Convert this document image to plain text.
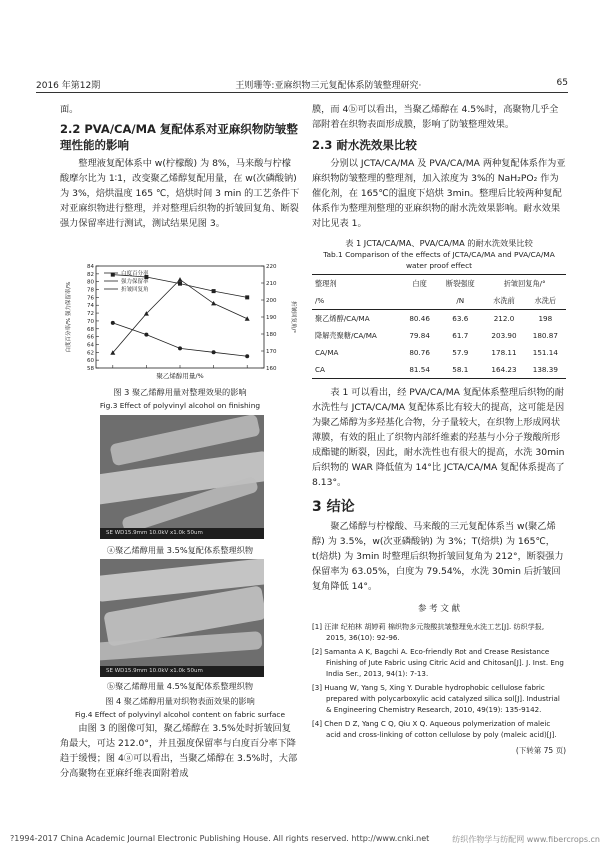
2016 年第12期	王则珊等:亚麻织物三元复配体系防皱整理研究·	65
面。
2.2 PVA/CA/MA 复配体系对亚麻织物防皱整理性能的影响

整理液复配体系中 w(柠檬酸) 为 8%，马来酸与柠檬酸摩尔比为 1∶1，改变聚乙烯醇复配用量，在 w(次磷酸钠) 为 3%，焙烘温度 165 ℃，焙烘时间 3 min 的工艺条件下对亚麻织物进行整理，并对整理后织物的折皱回复角、断裂强力保留率进行测试，测试结果见图 3。

58
60
62
64
66
68
70
72
74
76
78
80
82
84
160
170
180
190
200
210
220
聚乙烯醇用量/%
白度百分率/% 强力保留率/%	折皱回复角/°
白度百分率
强力保留率
折皱回复角
图 3 聚乙烯醇用量对整理效果的影响
Fig.3 Effect of polyvinyl alcohol on finishing
SE WD15.9mm 10.0kV x1.0k 50um
ⓐ聚乙烯醇用量 3.5%复配体系整理织物
SE WD15.9mm 10.0kV x1.0k 50um
ⓑ聚乙烯醇用量 4.5%复配体系整理织物
图 4 聚乙烯醇用量对织物表面效果的影响
Fig.4 Effect of polyvinyl alcohol content on fabric surface

由图 3 的图像可知，聚乙烯醇在 3.5%处时折皱回复角最大，可达 212.0°，并且强度保留率与白度百分率下降趋于缓慢；图 4ⓐ可以看出，当聚乙烯醇在 3.5%时，大部分高聚物在亚麻纤维表面附着成

膜，而 4ⓑ可以看出，当聚乙烯醇在 4.5%时，高聚物几乎全部附着在织物表面形成膜，影响了防皱整理效果。
2.3 耐水洗效果比较

分别以 JCTA/CA/MA 及 PVA/CA/MA 两种复配体系作为亚麻织物防皱整理的整理剂，加入浓度为 3%的 NaH₂PO₂ 作为催化剂，在 165℃的温度下焙烘 3min。整理后比较两种复配体系作为整理剂整理的亚麻织物的耐水洗效果影响。耐水效果对比见表 1。

表 1 JCTA/CA/MA、PVA/CA/MA 的耐水洗效果比较
Tab.1 Comparison of the effects of JCTA/CA/MA and PVA/CA/MA water proof effect
整理剂	白度	断裂强度	折皱回复角/°	
/%		/N	水洗前	水洗后
聚乙烯醇/CA/MA	80.46	63.6	212.0	198
降解壳聚糖/CA/MA	79.84	61.7	203.90	180.87
CA/MA	80.76	57.9	178.11	151.14
CA	81.54	58.1	164.23	138.39

表 1 可以看出，经 PVA/CA/MA 复配体系整理后织物的耐水洗性与 JCTA/CA/MA 复配体系比有较大的提高，这可能是因为聚乙烯醇为多羟基化合物，分子量较大，在织物上形成网状薄膜，有效的阻止了织物内部纤维素的羟基与小分子羧酸所形成酯键的断裂，因此，耐水洗性也有很大的提高，水洗 30min 后织物的 WAR 降低值为 14°比 JCTA/CA/MA 复配体系提高了 8.13°。

3 结论

聚乙烯醇与柠檬酸、马来酸的三元复配体系当 w(聚乙烯醇) 为 3.5%，w(次亚磷酸钠) 为 3%；T(焙烘) 为 165℃，t(焙烘) 为 3min 时整理后织物折皱回复角为 212°，断裂强力保留率为 63.05%，白度为 79.54%，水洗 30min 后折皱回复角降低 14°。

参 考 文 献
[1] 汪津 纪柏林 胡婷莉 棉织物多元羧酸抗皱整理免水洗工艺[J]. 纺织学报, 2015, 36(10): 92-96.
[2] Samanta A K, Bagchi A. Eco-friendly Rot and Crease Resistance Finishing of Jute Fabric using Citric Acid and Chitosan[J]. J. Inst. Eng India Ser., 2013, 94(1): 7-13.
[3] Huang W, Yang S, Xing Y. Durable hydrophobic cellulose fabric prepared with polycarboxylic acid catalyzed silica sol[J]. Industrial & Engineering Chemistry Research, 2010, 49(19): 135-9142.
[4] Chen D Z, Yang C Q, Qiu X Q. Aqueous polymerization of maleic acid and cross-linking of cotton cellulose by poly (maleic acid)[J].
(下转第 75 页)
?1994-2017 China Academic Journal Electronic Publishing House. All rights reserved. http://www.cnki.net	纺织作物学与纺配网 www.fibercrops.cn
